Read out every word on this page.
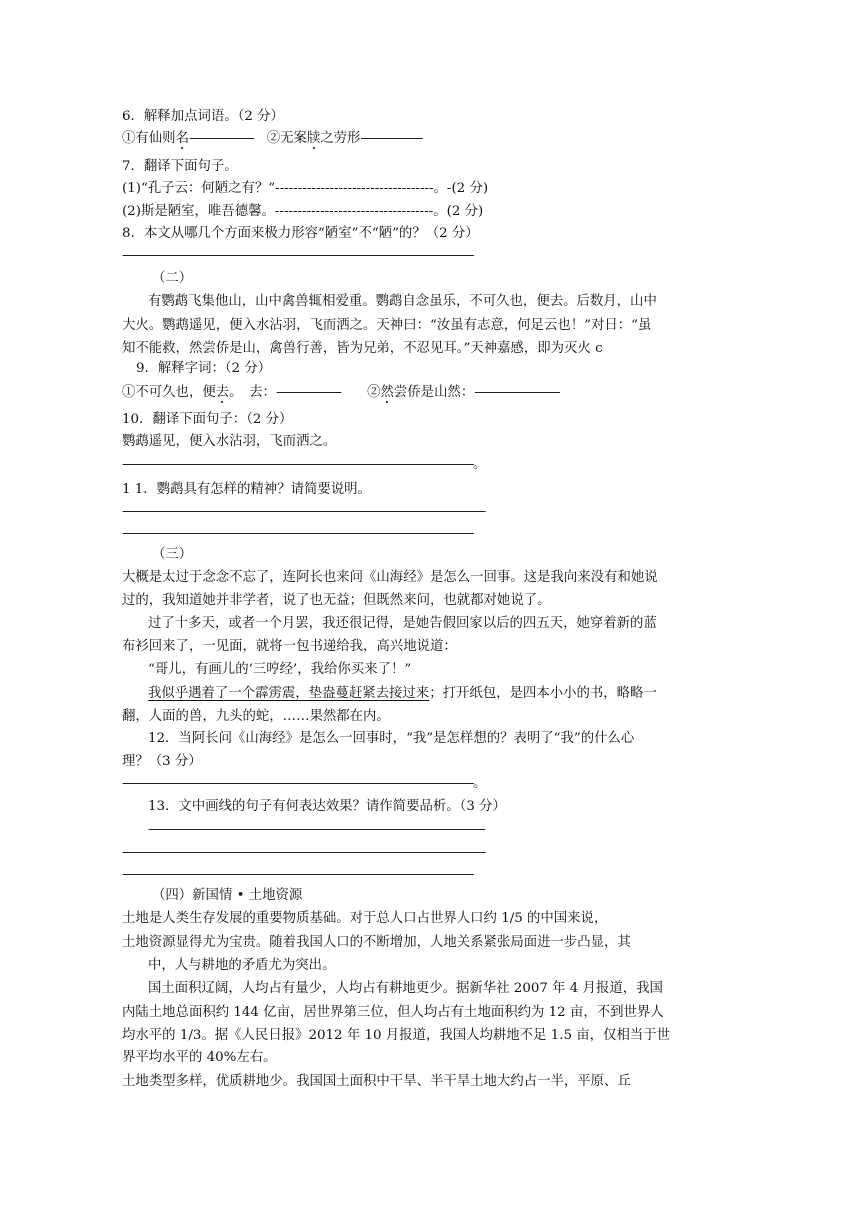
6．解释加点词语。（2 分）
①有仙则名----------------------　 ②无案牍之劳形---------------------
7．翻译下面句子。
(1)“孔子云：何陋之有？”-----------------------------------。-(2 分)
(2)斯是陋室，唯吾德馨。-----------------------------------。(2 分)
8．本文从哪几个方面来极力形容“陋室”不“陋”的？（2 分）
------------------------------------------------------------------------------------------------------------------------
（二）
有鹦鹉飞集他山，山中禽兽辄相爱重。鹦鹉自念虽乐，不可久也，便去。后数月，山中
大火。鹦鹉遥见，便入水沾羽，飞而洒之。天神曰：“汝虽有志意，何足云也！”对日：“虽
知不能救，然尝侨是山，禽兽行善，皆为兄弟，不忍见耳。”天神嘉感，即为灭火 c
9．解释字词：（2 分）
①不可久也，便去。　去：----------------------　　 ②然尝侨是山然：-----------------------------
10．翻译下面句子：（2 分）
鹦鹉遥见，便入水沾羽，飞而洒之。
------------------------------------------------------------------------------------------------------------------------。
1 1．鹦鹉具有怎样的精神？请简要说明。
----------------------------------------------------------------------------------------------------------------------------
------------------------------------------------------------------------------------------------------------------------
（三）
大概是太过于念念不忘了，连阿长也来问《山海经》是怎么一回事。这是我向来没有和她说
过的，我知道她并非学者，说了也无益；但既然来问，也就都对她说了。
过了十多天，或者一个月罢，我还很记得，是她告假回家以后的四五天，她穿着新的蓝
布衫回来了，一见面，就将一包书递给我，高兴地说道：
“哥儿，有画儿的‘三哼经’，我给你买来了！”
我似乎遇着了一个霹雳震，垫盎蔓赶紧去接过来；打开纸包，是四本小小的书，略略一
翻，人面的兽，九头的蛇，……果然都在内。
12．当阿长问《山海经》是怎么一回事时，“我”是怎样想的？表明了“我”的什么心
理？（3 分）
------------------------------------------------------------------------------------------------------------------------。
13．文中画线的句子有何表达效果？请作简要品析。（3 分）
-------------------------------------------------------------------------------------------------------------------
----------------------------------------------------------------------------------------------------------------------------
------------------------------------------------------------------------------------------------------------------------
（四）新国情 • 土地资源
土地是人类生存发展的重要物质基础。对于总人口占世界人口约 1/5 的中国来说，
土地资源显得尤为宝贵。随着我国人口的不断增加，人地关系紧张局面进一步凸显，其
中，人与耕地的矛盾尤为突出。
国土面积辽阔，人均占有量少，人均占有耕地更少。据新华社 2007 年 4 月报道，我国
内陆土地总面积约 144 亿亩，居世界第三位，但人均占有土地面积约为 12 亩，不到世界人
均水平的 1/3。据《人民日报》2012 年 10 月报道，我国人均耕地不足 1.5 亩，仅相当于世
界平均水平的 40%左右。
土地类型多样，优质耕地少。我国国土面积中干旱、半干旱土地大约占一半，平原、丘
